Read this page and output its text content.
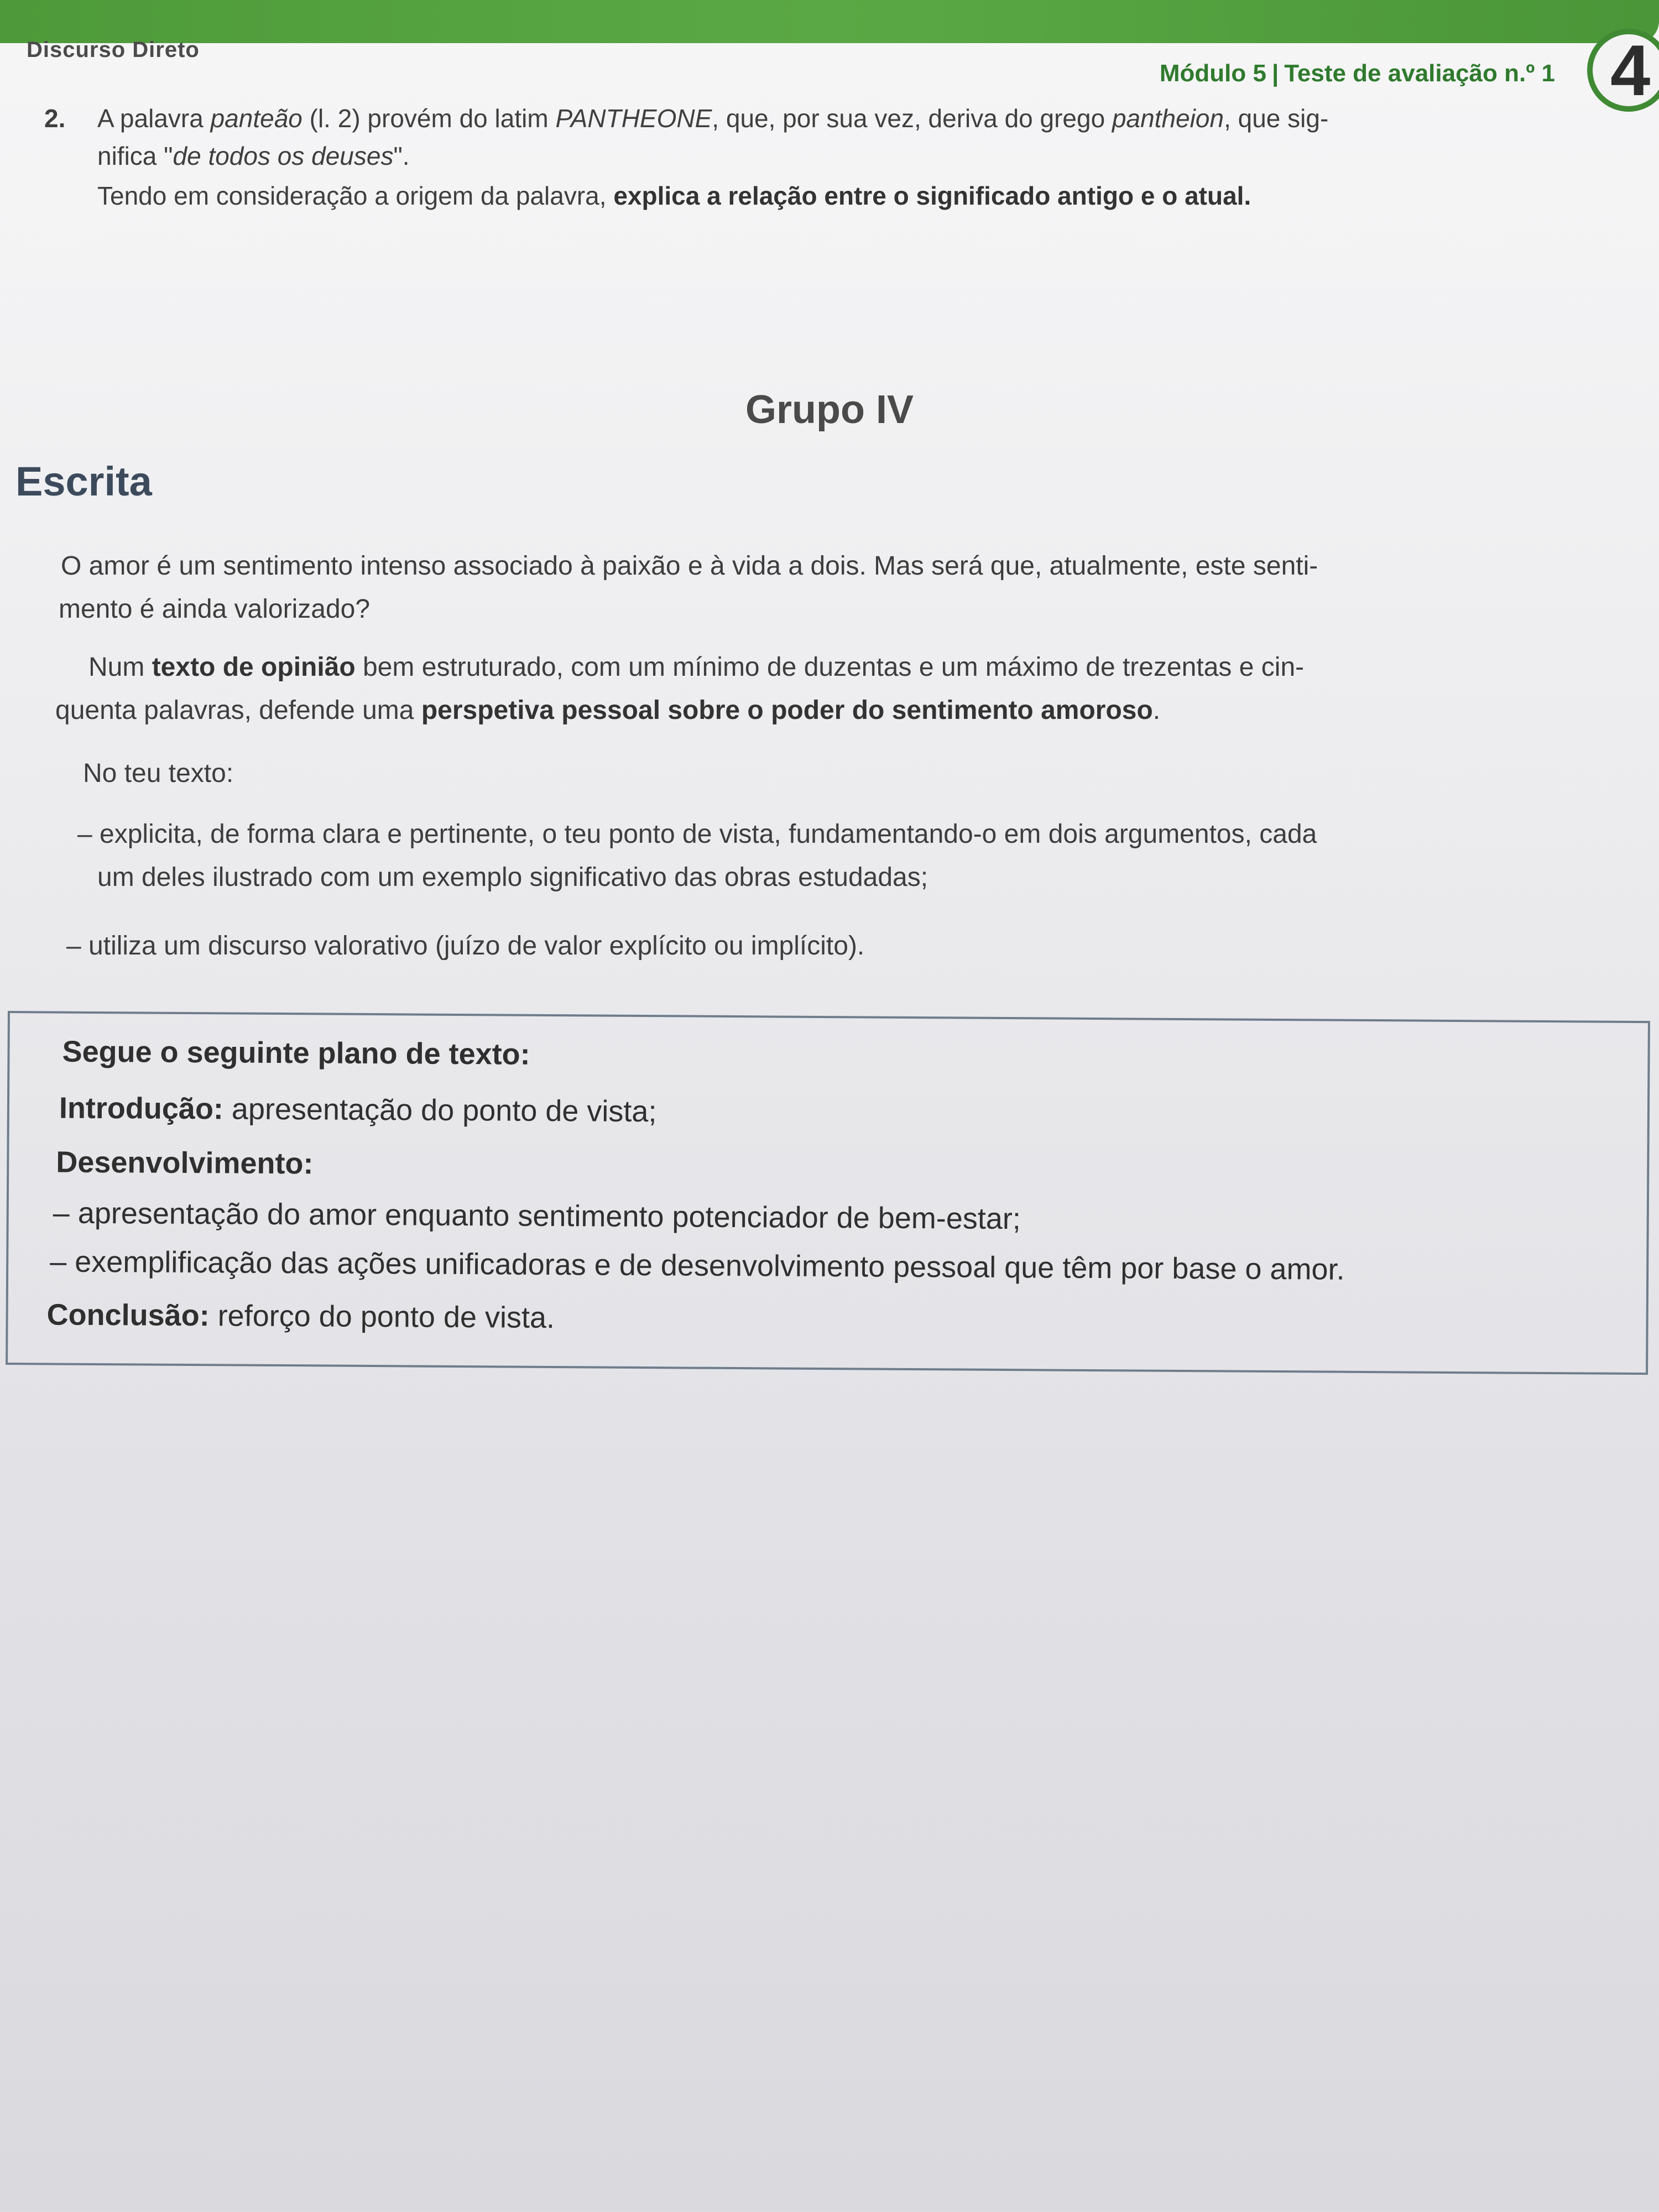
Discurso Direto
Módulo 5 | Teste de avaliação n.º 1 4
2.	A palavra panteão (l. 2) provém do latim PANTHEONE, que, por sua vez, deriva do grego pantheion, que sig-

nifica "de todos os deuses".

Tendo em consideração a origem da palavra, explica a relação entre o significado antigo e o atual.

Grupo IV
Escrita

O amor é um sentimento intenso associado à paixão e à vida a dois. Mas será que, atualmente, este senti-

mento é ainda valorizado?

Num texto de opinião bem estruturado, com um mínimo de duzentas e um máximo de trezentas e cin-

quenta palavras, defende uma perspetiva pessoal sobre o poder do sentimento amoroso.

No teu texto:

– explicita, de forma clara e pertinente, o teu ponto de vista, fundamentando-o em dois argumentos, cada

um deles ilustrado com um exemplo significativo das obras estudadas;

– utiliza um discurso valorativo (juízo de valor explícito ou implícito).
Segue o seguinte plano de texto:
Introdução: apresentação do ponto de vista;
Desenvolvimento:
– apresentação do amor enquanto sentimento potenciador de bem-estar;
– exemplificação das ações unificadoras e de desenvolvimento pessoal que têm por base o amor.
Conclusão: reforço do ponto de vista.
